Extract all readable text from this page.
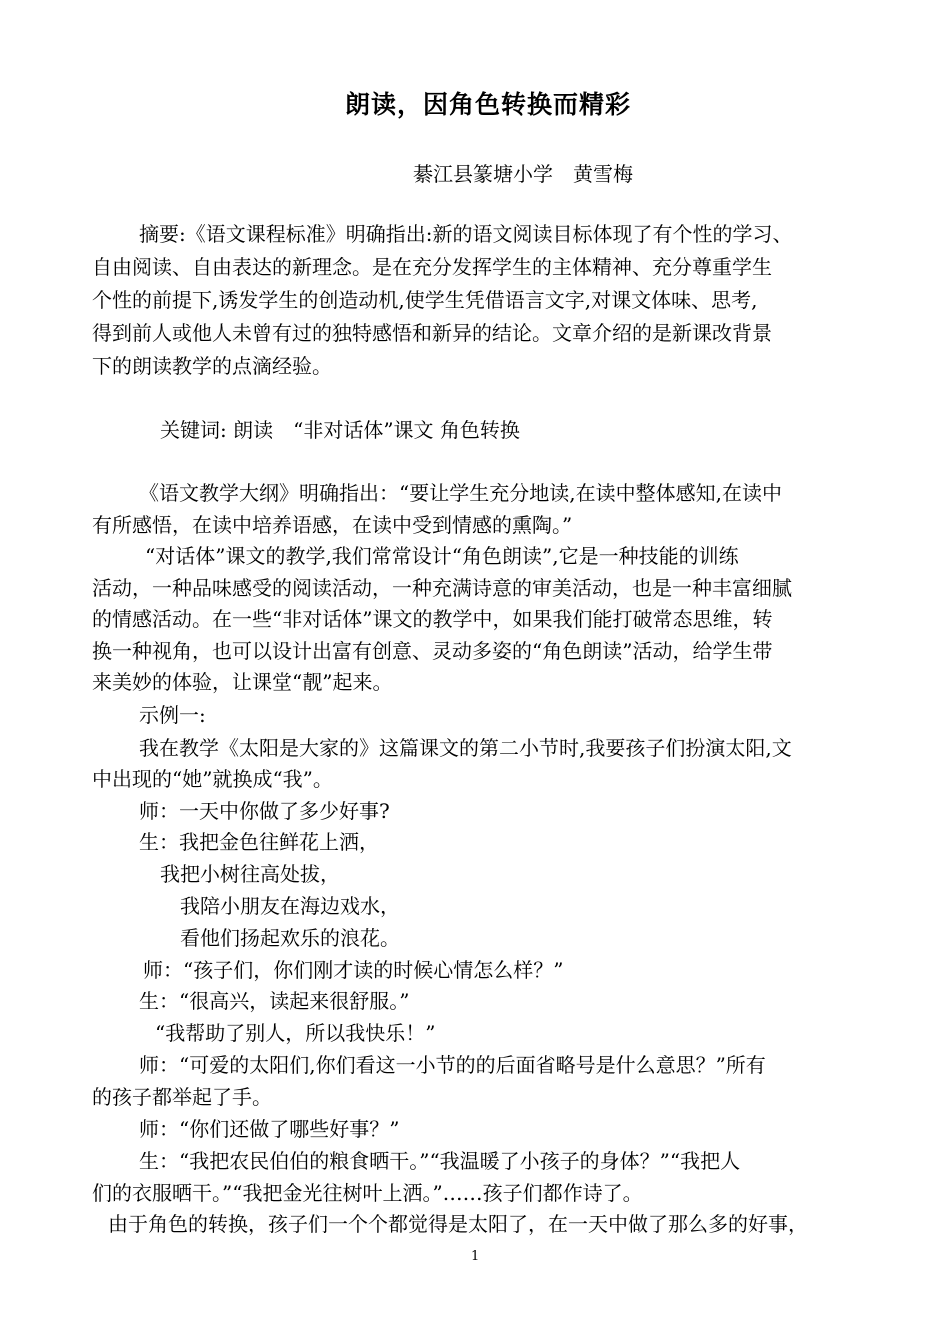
朗读，因角色转换而精彩
綦江县篆塘小学　黄雪梅
摘要:《语文课程标准》明确指出:新的语文阅读目标体现了有个性的学习、
自由阅读、自由表达的新理念。是在充分发挥学生的主体精神、充分尊重学生
个性的前提下,诱发学生的创造动机,使学生凭借语言文字,对课文体味、思考,
得到前人或他人未曾有过的独特感悟和新异的结论。文章介绍的是新课改背景
下的朗读教学的点滴经验。
关键词: 朗读　“非对话体”课文 角色转换
《语文教学大纲》明确指出：“要让学生充分地读,在读中整体感知,在读中
有所感悟，在读中培养语感，在读中受到情感的熏陶。”
“对话体”课文的教学,我们常常设计“角色朗读”,它是一种技能的训练
活动，一种品味感受的阅读活动，一种充满诗意的审美活动，也是一种丰富细腻
的情感活动。在一些“非对话体”课文的教学中，如果我们能打破常态思维，转
换一种视角，也可以设计出富有创意、灵动多姿的“角色朗读”活动，给学生带
来美妙的体验，让课堂“靓”起来。
示例一:
我在教学《太阳是大家的》这篇课文的第二小节时,我要孩子们扮演太阳,文
中出现的“她”就换成“我”。
师：一天中你做了多少好事?
生：我把金色往鲜花上洒，
我把小树往高处拔，
我陪小朋友在海边戏水，
看他们扬起欢乐的浪花。
师：“孩子们，你们刚才读的时候心情怎么样？”
生：“很高兴，读起来很舒服。”
“我帮助了别人，所以我快乐！”
师：“可爱的太阳们,你们看这一小节的的后面省略号是什么意思？”所有
的孩子都举起了手。
师：“你们还做了哪些好事？”
生：“我把农民伯伯的粮食晒干。”“我温暖了小孩子的身体？”“我把人
们的衣服晒干。”“我把金光往树叶上洒。”……孩子们都作诗了。
由于角色的转换，孩子们一个个都觉得是太阳了，在一天中做了那么多的好事，
1
